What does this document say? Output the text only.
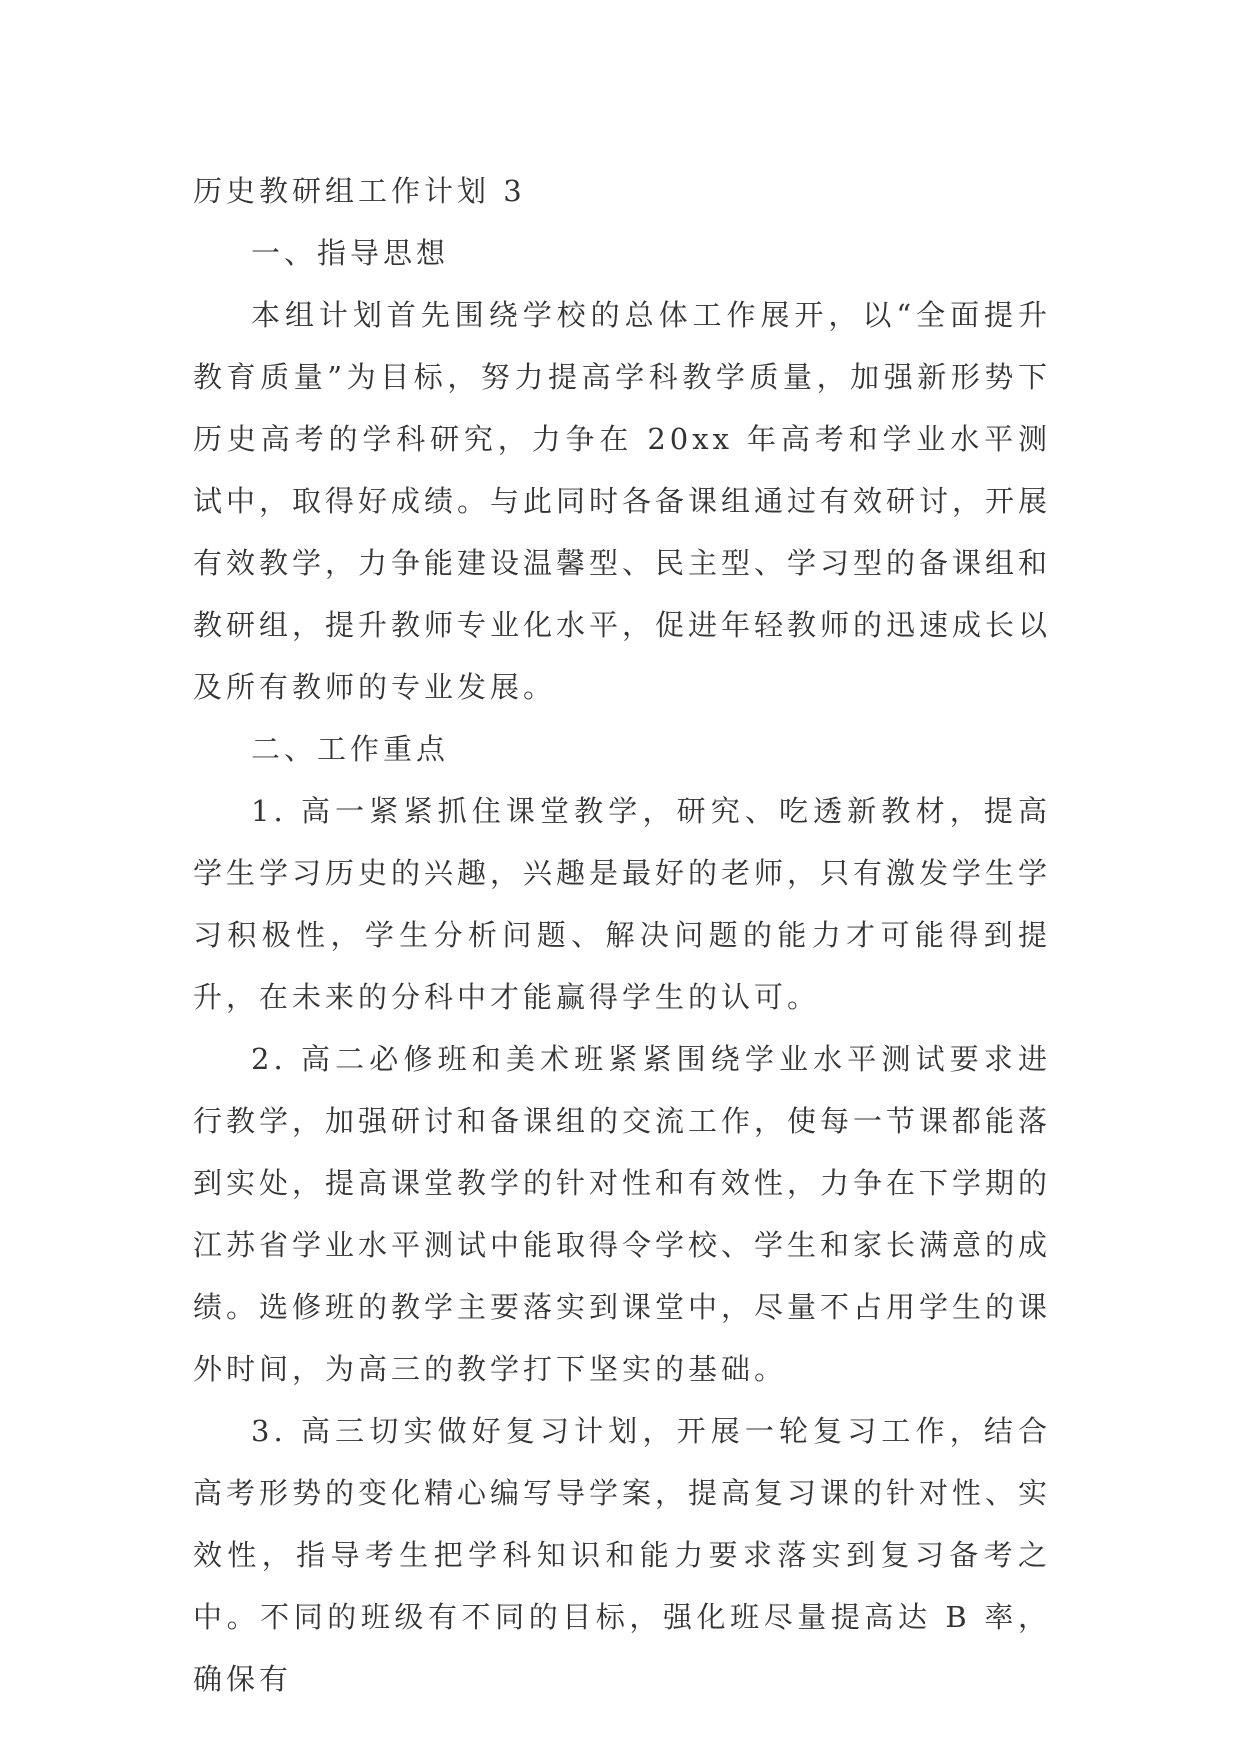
历史教研组工作计划 3
一、指导思想

本组计划首先围绕学校的总体工作展开，以“全面提升教育质量”为目标，努力提高学科教学质量，加强新形势下历史高考的学科研究，力争在 20xx 年高考和学业水平测试中，取得好成绩。与此同时各备课组通过有效研讨，开展有效教学，力争能建设温馨型、民主型、学习型的备课组和教研组，提升教师专业化水平，促进年轻教师的迅速成长以及所有教师的专业发展。

二、工作重点

1. 高一紧紧抓住课堂教学，研究、吃透新教材，提高学生学习历史的兴趣，兴趣是最好的老师，只有激发学生学习积极性，学生分析问题、解决问题的能力才可能得到提升，在未来的分科中才能赢得学生的认可。

2. 高二必修班和美术班紧紧围绕学业水平测试要求进行教学，加强研讨和备课组的交流工作，使每一节课都能落到实处，提高课堂教学的针对性和有效性，力争在下学期的江苏省学业水平测试中能取得令学校、学生和家长满意的成绩。选修班的教学主要落实到课堂中，尽量不占用学生的课外时间，为高三的教学打下坚实的基础。

3. 高三切实做好复习计划，开展一轮复习工作，结合高考形势的变化精心编写导学案，提高复习课的针对性、实效性，指导考生把学科知识和能力要求落实到复习备考之中。不同的班级有不同的目标，强化班尽量提高达 B 率，确保有
